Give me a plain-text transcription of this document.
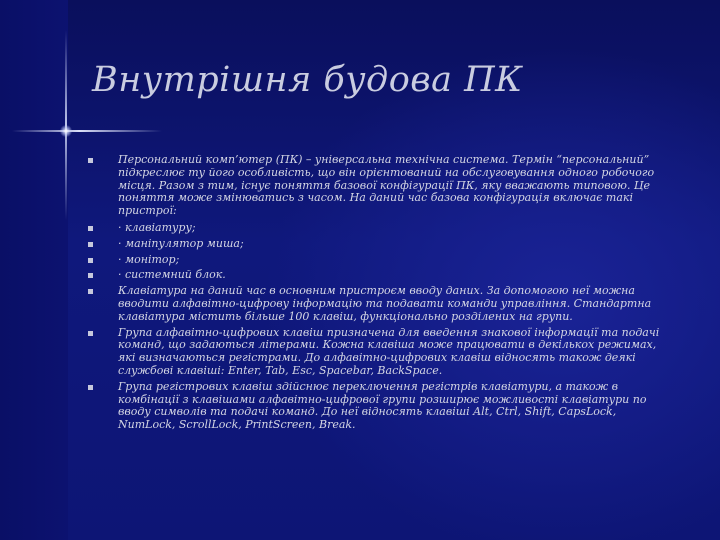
Внутрішня будова ПК
Персональний комп’ютер (ПК) – універсальна технічна система. Термін “персональний” підкреслює ту його особливість, що він орієнтований на обслуговування одного робочого місця. Разом з тим, існує поняття базової конфігурації ПК, яку вважають типовою. Це поняття може змінюватись з часом. На даний час базова конфігурація включає такі пристрої:
· клавіатуру;
· маніпулятор миша;
· монітор;
· системний блок.
Клавіатура на даний час в основним пристроєм вводу даних. За допомогою неї можна вводити алфавітно-цифрову інформацію та подавати команди управління. Стандартна клавіатура містить більше 100 клавіш, функціонально розділених на групи.
Група алфавітно-цифрових клавіш призначена для введення знакової інформації та подачі команд, що задаються літерами. Кожна клавіша може працювати в декількох режимах, які визначаються регістрами. До алфавітно-цифрових клавіш відносять також деякі службові клавіші: Enter, Tab, Esc, Spacebar, BackSpace.
Група регістрових клавіш здійснює переключення регістрів клавіатури, а також в комбінації з клавішами алфавітно-цифрової групи розширює можливості клавіатури по вводу символів та подачі команд. До неї відносять клавіші Alt, Ctrl, Shift, CapsLock, NumLock, ScrollLock, PrintScreen, Break.
